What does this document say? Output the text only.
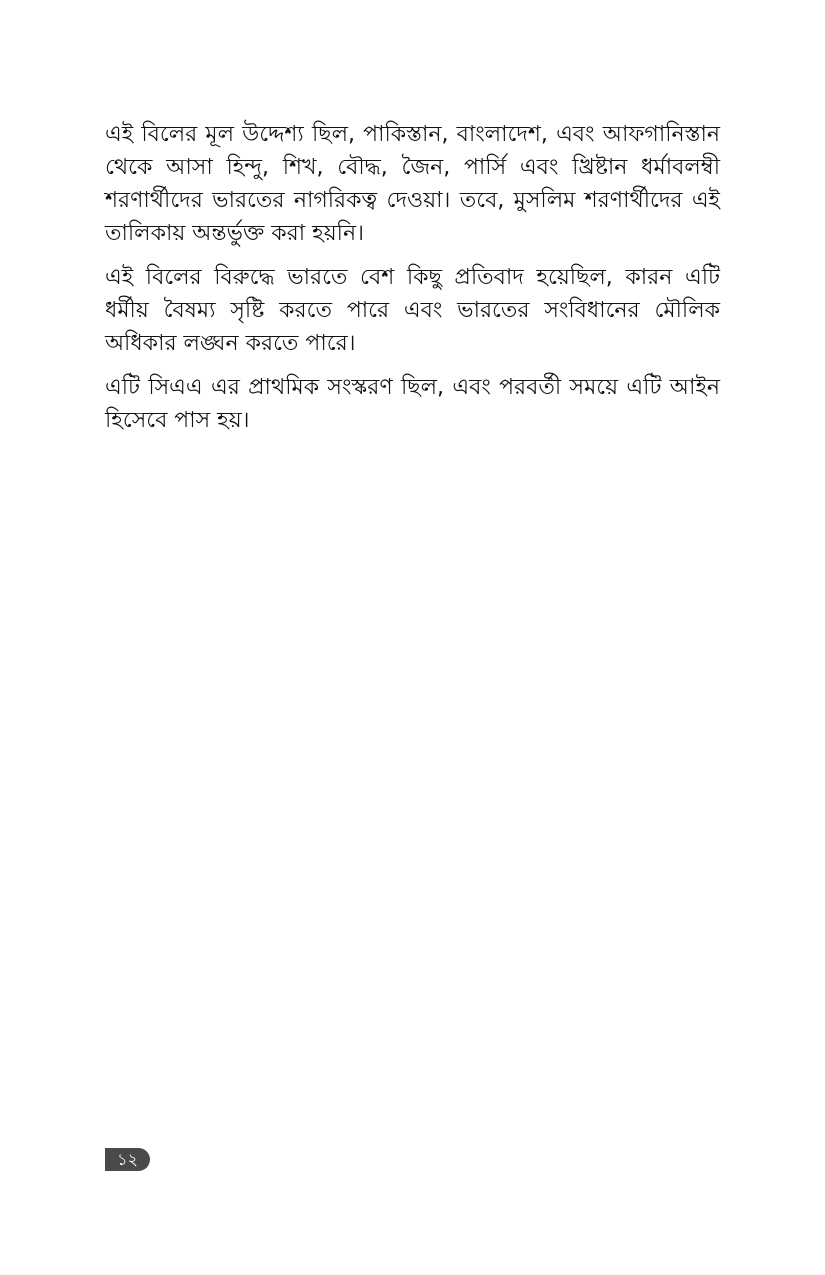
এই বিলের মূল উদ্দেশ্য ছিল, পাকিস্তান, বাংলাদেশ, এবং আফগানিস্তান থেকে আসা হিন্দু, শিখ, বৌদ্ধ, জৈন, পার্সি এবং খ্রিষ্টান ধর্মাবলম্বী শরণার্থীদের ভারতের নাগরিকত্ব দেওয়া। তবে, মুসলিম শরণার্থীদের এই তালিকায় অন্তর্ভুক্ত করা হয়নি।

এই বিলের বিরুদ্ধে ভারতে বেশ কিছু প্রতিবাদ হয়েছিল, কারন এটি ধর্মীয় বৈষম্য সৃষ্টি করতে পারে এবং ভারতের সংবিধানের মৌলিক অধিকার লঙ্ঘন করতে পারে।

এটি সিএএ এর প্রাথমিক সংস্করণ ছিল, এবং পরবর্তী সময়ে এটি আইন হিসেবে পাস হয়।

১২
